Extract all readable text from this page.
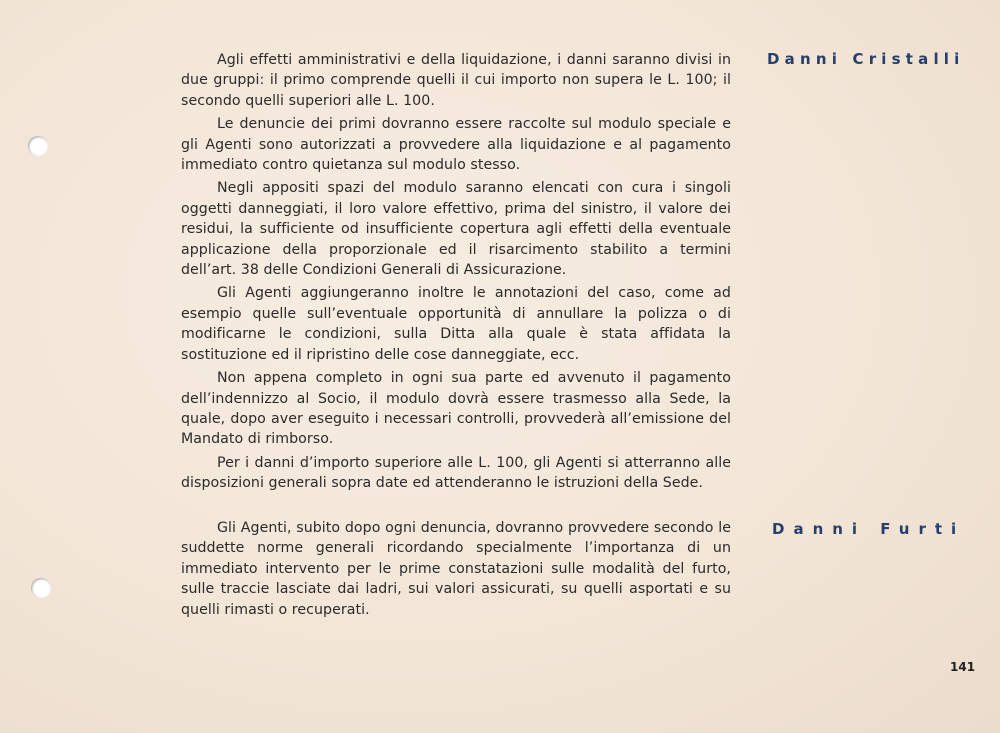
Danni Cristalli

Agli effetti amministrativi e della liquidazione, i danni saranno divisi in due gruppi: il primo comprende quelli il cui importo non supera le L. 100; il secondo quelli superiori alle L. 100.

Le denuncie dei primi dovranno essere raccolte sul modulo speciale e gli Agenti sono autorizzati a provvedere alla liquidazione e al pagamento immediato contro quietanza sul modulo stesso.

Negli appositi spazi del modulo saranno elencati con cura i singoli oggetti danneggiati, il loro valore effettivo, prima del sinistro, il valore dei residui, la sufficiente od insufficiente copertura agli effetti della eventuale applicazione della proporzionale ed il risarcimento stabilito a termini dell’art. 38 delle Condizioni Generali di Assicurazione.

Gli Agenti aggiungeranno inoltre le annotazioni del caso, come ad esempio quelle sull’eventuale opportunità di annullare la polizza o di modificarne le condizioni, sulla Ditta alla quale è stata affidata la sostituzione ed il ripristino delle cose danneggiate, ecc.

Non appena completo in ogni sua parte ed avvenuto il pagamento dell’indennizzo al Socio, il modulo dovrà essere trasmesso alla Sede, la quale, dopo aver eseguito i necessari controlli, provvederà all’emissione del Mandato di rimborso.

Per i danni d’importo superiore alle L. 100, gli Agenti si atterranno alle disposizioni generali sopra date ed attenderanno le istruzioni della Sede.

Danni Furti

Gli Agenti, subito dopo ogni denuncia, dovranno provvedere secondo le suddette norme generali ricordando specialmente l’importanza di un immediato intervento per le prime constatazioni sulle modalità del furto, sulle traccie lasciate dai ladri, sui valori assicurati, su quelli asportati e su quelli rimasti o recuperati.

141
